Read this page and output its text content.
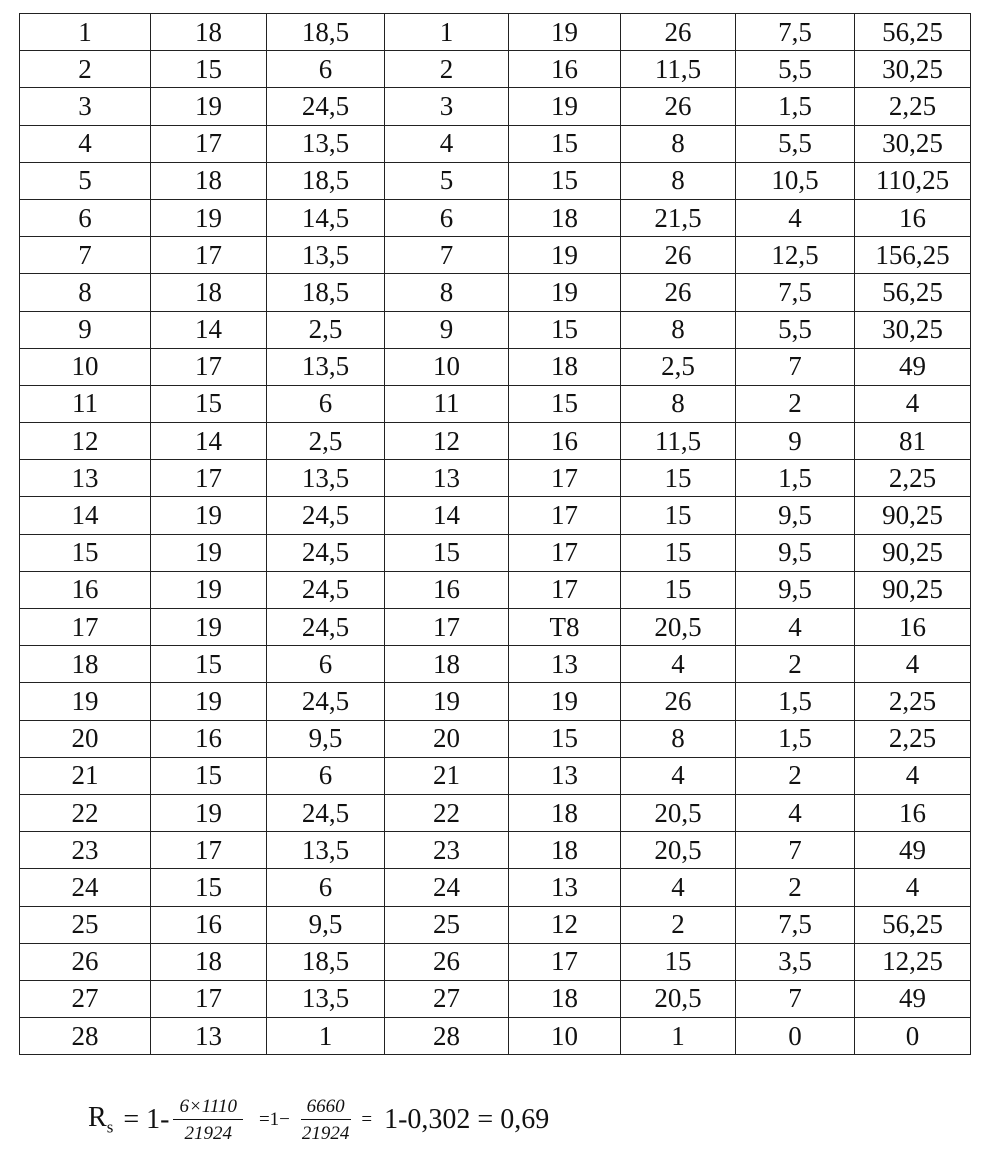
1	18	18,5	1	19	26	7,5	56,25
2	15	6	2	16	11,5	5,5	30,25
3	19	24,5	3	19	26	1,5	2,25
4	17	13,5	4	15	8	5,5	30,25
5	18	18,5	5	15	8	10,5	110,25
6	19	14,5	6	18	21,5	4	16
7	17	13,5	7	19	26	12,5	156,25
8	18	18,5	8	19	26	7,5	56,25
9	14	2,5	9	15	8	5,5	30,25
10	17	13,5	10	18	2,5	7	49
11	15	6	11	15	8	2	4
12	14	2,5	12	16	11,5	9	81
13	17	13,5	13	17	15	1,5	2,25
14	19	24,5	14	17	15	9,5	90,25
15	19	24,5	15	17	15	9,5	90,25
16	19	24,5	16	17	15	9,5	90,25
17	19	24,5	17	T8	20,5	4	16
18	15	6	18	13	4	2	4
19	19	24,5	19	19	26	1,5	2,25
20	16	9,5	20	15	8	1,5	2,25
21	15	6	21	13	4	2	4
22	19	24,5	22	18	20,5	4	16
23	17	13,5	23	18	20,5	7	49
24	15	6	24	13	4	2	4
25	16	9,5	25	12	2	7,5	56,25
26	18	18,5	26	17	15	3,5	12,25
27	17	13,5	27	18	20,5	7	49
28	13	1	28	10	1	0	0
$R_s = 1- \frac{6\times 1110}{21924} =1- \frac{6660}{21924} = 1-0,302 = 0,69$
